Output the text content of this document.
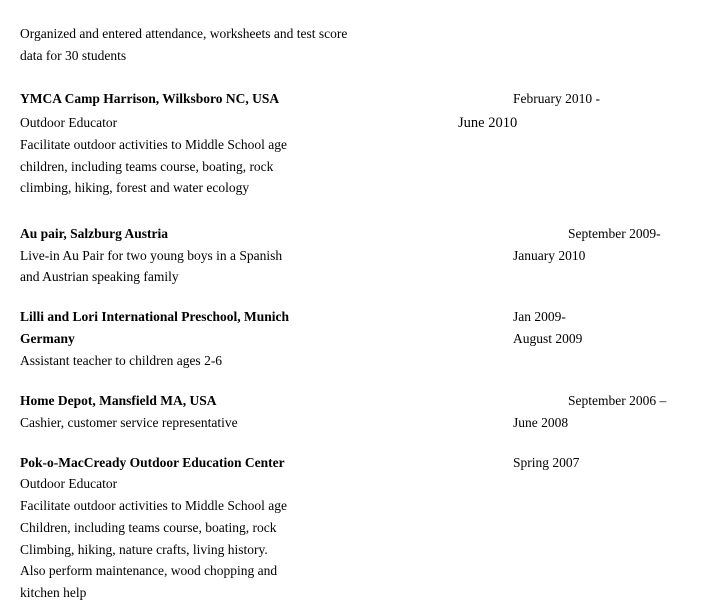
Organized and entered attendance, worksheets and test score

data for 30 students

YMCA Camp Harrison, Wilksboro NC, USA

Outdoor Educator

Facilitate outdoor activities to Middle School age

children, including teams course, boating, rock

climbing, hiking, forest and water ecology

February 2010 -

June 2010

Au pair, Salzburg Austria

Live-in Au Pair for two young boys in a Spanish

and Austrian speaking family

September 2009-

January 2010

Lilli and Lori International Preschool, Munich

Germany

Assistant teacher to children ages 2-6

Jan 2009-

August 2009

Home Depot, Mansfield MA, USA

Cashier, customer service representative

September 2006 –

June 2008

Pok-o-MacCready Outdoor Education Center

Outdoor Educator

Facilitate outdoor activities to Middle School age

Children, including teams course, boating, rock

Climbing, hiking, nature crafts, living history.

Also perform maintenance, wood chopping and

kitchen help

Spring 2007
